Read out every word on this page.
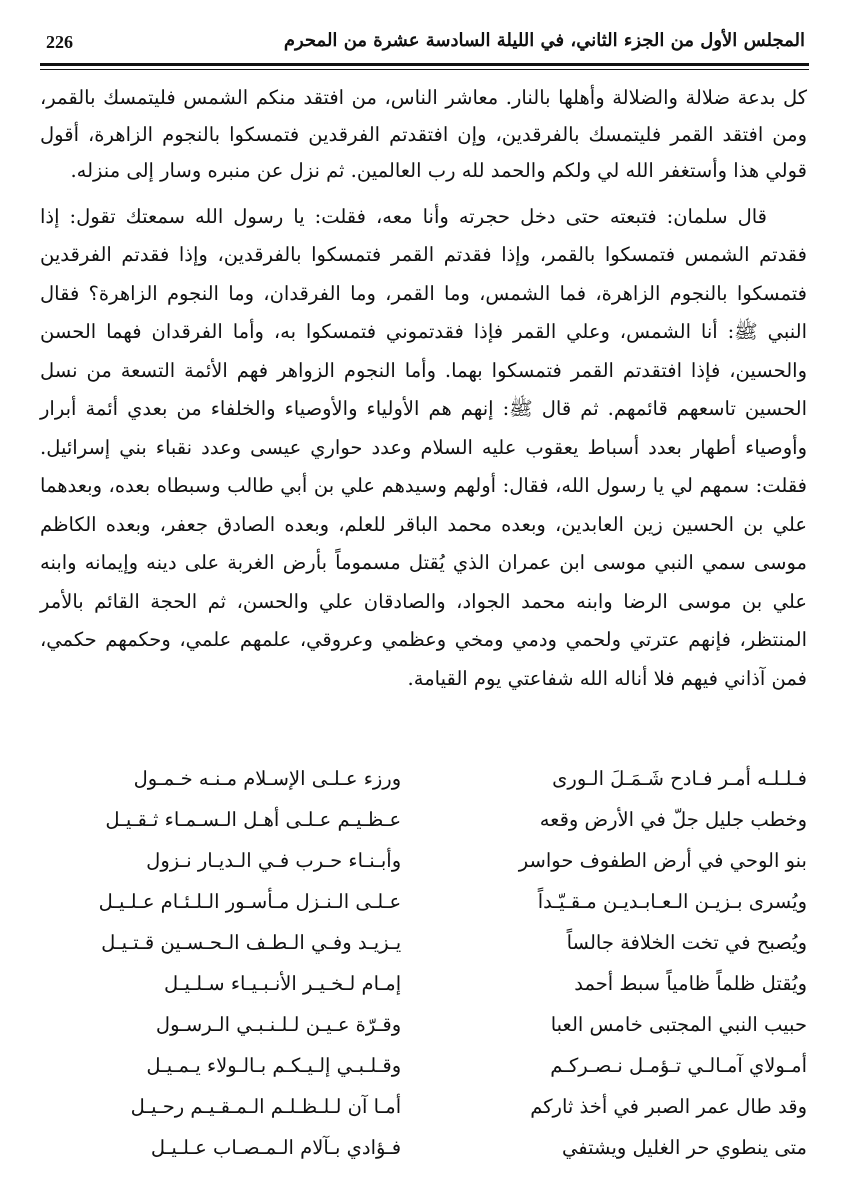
226	المجلس الأول من الجزء الثاني، في الليلة السادسة عشرة من المحرم

كل بدعة ضلالة والضلالة وأهلها بالنار. معاشر الناس، من افتقد منكم الشمس فليتمسك بالقمر، ومن افتقد القمر فليتمسك بالفرقدين، وإن افتقدتم الفرقدين فتمسكوا بالنجوم الزاهرة، أقول قولي هذا وأستغفر الله لي ولكم والحمد لله رب العالمين. ثم نزل عن منبره وسار إلى منزله.

قال سلمان: فتبعته حتى دخل حجرته وأنا معه، فقلت: يا رسول الله سمعتك تقول: إذا فقدتم الشمس فتمسكوا بالقمر، وإذا فقدتم القمر فتمسكوا بالفرقدين، وإذا فقدتم الفرقدين فتمسكوا بالنجوم الزاهرة، فما الشمس، وما القمر، وما الفرقدان، وما النجوم الزاهرة؟ فقال النبي ﷺ: أنا الشمس، وعلي القمر فإذا فقدتموني فتمسكوا به، وأما الفرقدان فهما الحسن والحسين، فإذا افتقدتم القمر فتمسكوا بهما. وأما النجوم الزواهر فهم الأئمة التسعة من نسل الحسين تاسعهم قائمهم. ثم قال ﷺ: إنهم هم الأولياء والأوصياء والخلفاء من بعدي أئمة أبرار وأوصياء أطهار بعدد أسباط يعقوب عليه السلام وعدد حواري عيسى وعدد نقباء بني إسرائيل. فقلت: سمهم لي يا رسول الله، فقال: أولهم وسيدهم علي بن أبي طالب وسبطاه بعده، وبعدهما علي بن الحسين زين العابدين، وبعده محمد الباقر للعلم، وبعده الصادق جعفر، وبعده الكاظم موسى سمي النبي موسى ابن عمران الذي يُقتل مسموماً بأرض الغربة على دينه وإيمانه وابنه علي بن موسى الرضا وابنه محمد الجواد، والصادقان علي والحسن، ثم الحجة القائم بالأمر المنتظر، فإنهم عترتي ولحمي ودمي ومخي وعظمي وعروقي، علمهم علمي، وحكمهم حكمي، فمن آذاني فيهم فلا أناله الله شفاعتي يوم القيامة.

فـلـلـه أمـر فـادح شَـمَـلَ الـورى
ورزء عـلـى الإسـلام مـنـه خـمـول
وخطب جليل جلّ في الأرض وقعه
عـظـيـم عـلـى أهـل الـسـمـاء ثـقـيـل
بنو الوحي في أرض الطفوف حواسر
وأبـنـاء حـرب فـي الـديـار نـزول
ويُسرى بـزيـن الـعـابـديـن مـقـيّـداً
عـلـى الـنـزل مـأسـور الـلـئـام عـلـيـل
ويُصبح في تخت الخلافة جالساً
يـزيـد وفـي الـطـف الـحـسـين قـتـيـل
ويُقتل ظلماً ظامياً سبط أحمد
إمـام لـخـيـر الأنـبـيـاء سـلـيـل
حبيب النبي المجتبى خامس العبا
وقـرّة عـيـن لـلـنـبـي الـرسـول
أمـولاي آمـالـي تـؤمـل نـصـركـم
وقـلـبـي إلـيـكـم بـالـولاء يـمـيـل
وقد طال عمر الصبر في أخذ ثاركم
أمـا آن لـلـظـلـم الـمـقـيـم رحـيـل
متى ينطوي حر الغليل ويشتفي
فـؤادي بـآلام الـمـصـاب عـلـيـل
